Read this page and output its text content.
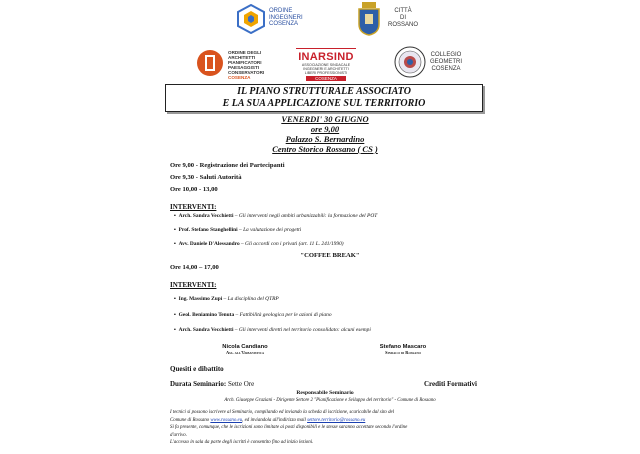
ORDINE
INGEGNERI
COSENZA
CITTÀ
DI
ROSSANO
ORDINE DEGLI
ARCHITETTI
PIANIFICATORI
PAESAGGISTI
CONSERVATORI
COSENZA
INARSIND
ASSOCIAZIONE SINDACALE
INGEGNERI E ARCHITETTI
LIBERI PROFESSIONISTI
COSENZA
COLLEGIO
GEOMETRI
COSENZA
IL PIANO STRUTTURALE ASSOCIATO
E LA SUA APPLICAZIONE SUL TERRITORIO
VENERDI' 30 GIUGNO
ore 9,00
Palazzo S. Bernardino
Centro Storico Rossano ( CS )
Ore 9,00 - Registrazione dei Partecipanti
Ore 9,30 - Saluti Autorità
Ore 10,00 - 13,00
INTERVENTI:
▪  Arch. Sandra Vecchietti – Gli interventi negli ambiti urbanizzabili: la formazione del POT
▪  Prof. Stefano Stanghellini – La valutazione dei progetti
▪  Avv. Daniele D'Alessandro – Gli accordi con i privati (art. 11 L. 241/1990)
"COFFEE BREAK"
Ore 14,00 – 17,00
INTERVENTI:
▪  Ing. Massimo Zupi – La disciplina del QTRP
▪  Geol. Beniamino Tenuta – Fattibilità geologica per le azioni di piano
▪  Arch. Sandra Vecchietti – Gli interventi diretti nel territorio consolidato: alcuni esempi
Nicola Candiano
Ass. all'Urbanistica
Stefano Mascaro
Sindaco di Rossano
Quesiti e dibattito
Durata Seminario: Sette Ore	Crediti Formativi
Responsabile Seminario
Arch. Giuseppe Graziani - Dirigente Settore 2 "Pianificazione e Sviluppo del territorio" - Comune di Rossano
I tecnici si possono iscrivere al Seminario, compilando ed inviando la scheda di iscrizione, scaricabile dal sito del
Comune di Rossano www.rossano.eu, ed inviandola all'indirizzo mail settore.territorio@rossano.eu
Si fa presente, comunque, che le iscrizioni sono limitate ai posti disponibili e le stesse saranno accettate secondo l'ordine
d'arrivo.
L'accesso in sala da parte degli iscritti è consentito fino ad inizio lezioni.
